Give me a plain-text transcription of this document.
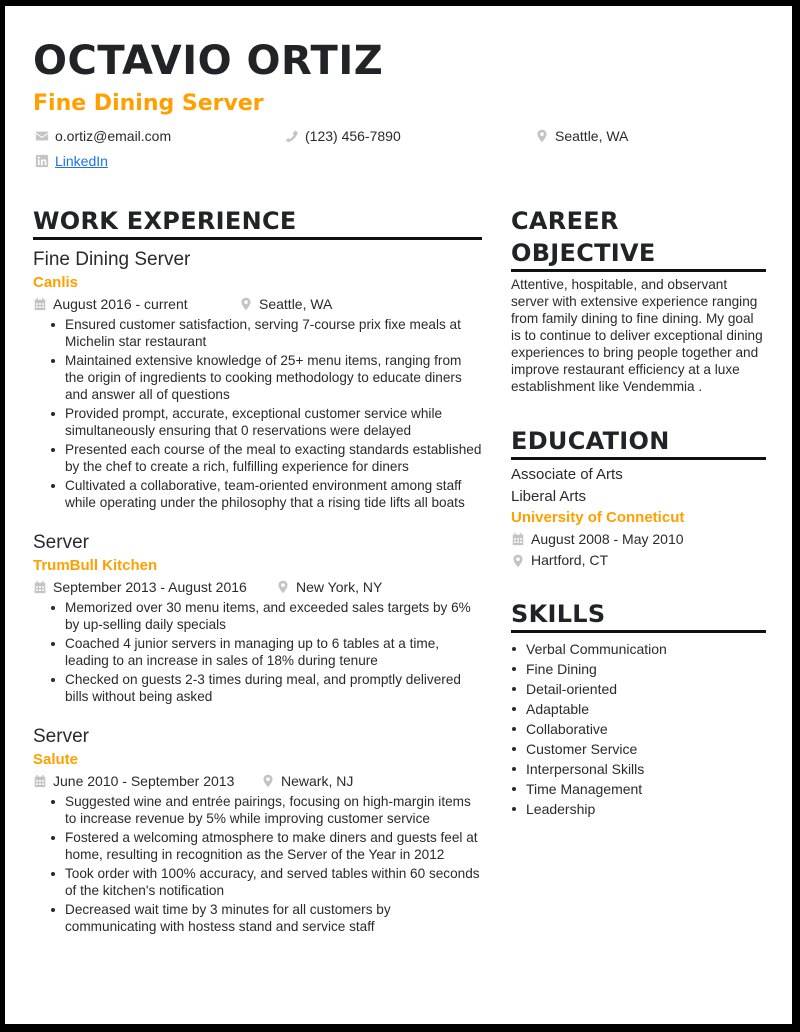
OCTAVIO ORTIZ
Fine Dining Server
o.ortiz@email.com	(123) 456-7890	Seattle, WA
LinkedIn
WORK EXPERIENCE
Fine Dining Server
Canlis
August 2016 - current	Seattle, WA
Ensured customer satisfaction, serving 7-course prix fixe meals at Michelin star restaurant
Maintained extensive knowledge of 25+ menu items, ranging from the origin of ingredients to cooking methodology to educate diners and answer all of questions
Provided prompt, accurate, exceptional customer service while simultaneously ensuring that 0 reservations were delayed
Presented each course of the meal to exacting standards established by the chef to create a rich, fulfilling experience for diners
Cultivated a collaborative, team-oriented environment among staff while operating under the philosophy that a rising tide lifts all boats
Server
TrumBull Kitchen
September 2013 - August 2016	New York, NY
Memorized over 30 menu items, and exceeded sales targets by 6% by up-selling daily specials
Coached 4 junior servers in managing up to 6 tables at a time, leading to an increase in sales of 18% during tenure
Checked on guests 2-3 times during meal, and promptly delivered bills without being asked
Server
Salute
June 2010 - September 2013	Newark, NJ
Suggested wine and entrée pairings, focusing on high-margin items to increase revenue by 5% while improving customer service
Fostered a welcoming atmosphere to make diners and guests feel at home, resulting in recognition as the Server of the Year in 2012
Took order with 100% accuracy, and served tables within 60 seconds of the kitchen's notification
Decreased wait time by 3 minutes for all customers by communicating with hostess stand and service staff
CAREER OBJECTIVE
Attentive, hospitable, and observant server with extensive experience ranging from family dining to fine dining. My goal is to continue to deliver exceptional dining experiences to bring people together and improve restaurant efficiency at a luxe establishment like Vendemmia .
EDUCATION
Associate of Arts
Liberal Arts
University of Conneticut
August 2008 - May 2010
Hartford, CT
SKILLS
Verbal Communication
Fine Dining
Detail-oriented
Adaptable
Collaborative
Customer Service
Interpersonal Skills
Time Management
Leadership
